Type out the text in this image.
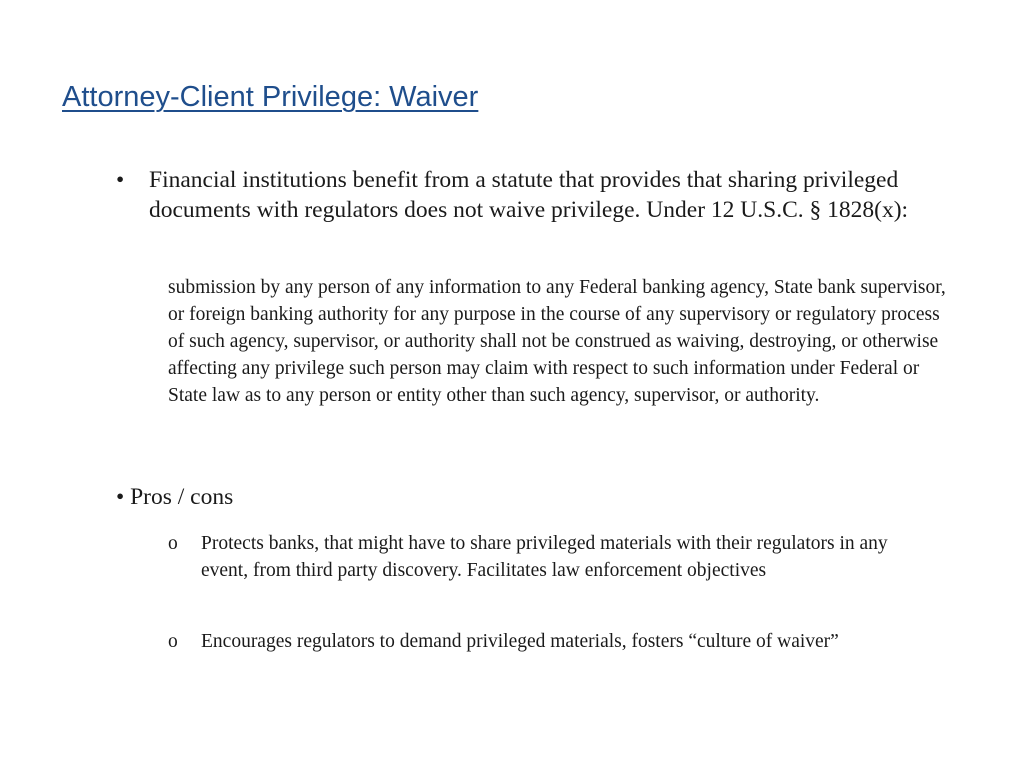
Attorney-Client Privilege: Waiver
• Financial institutions benefit from a statute that provides that sharing privileged documents with regulators does not waive privilege. Under 12 U.S.C. § 1828(x):
submission by any person of any information to any Federal banking agency, State bank supervisor, or foreign banking authority for any purpose in the course of any supervisory or regulatory process of such agency, supervisor, or authority shall not be construed as waiving, destroying, or otherwise affecting any privilege such person may claim with respect to such information under Federal or State law as to any person or entity other than such agency, supervisor, or authority.
• Pros / cons
o Protects banks, that might have to share privileged materials with their regulators in any event, from third party discovery. Facilitates law enforcement objectives
o Encourages regulators to demand privileged materials, fosters “culture of waiver”
